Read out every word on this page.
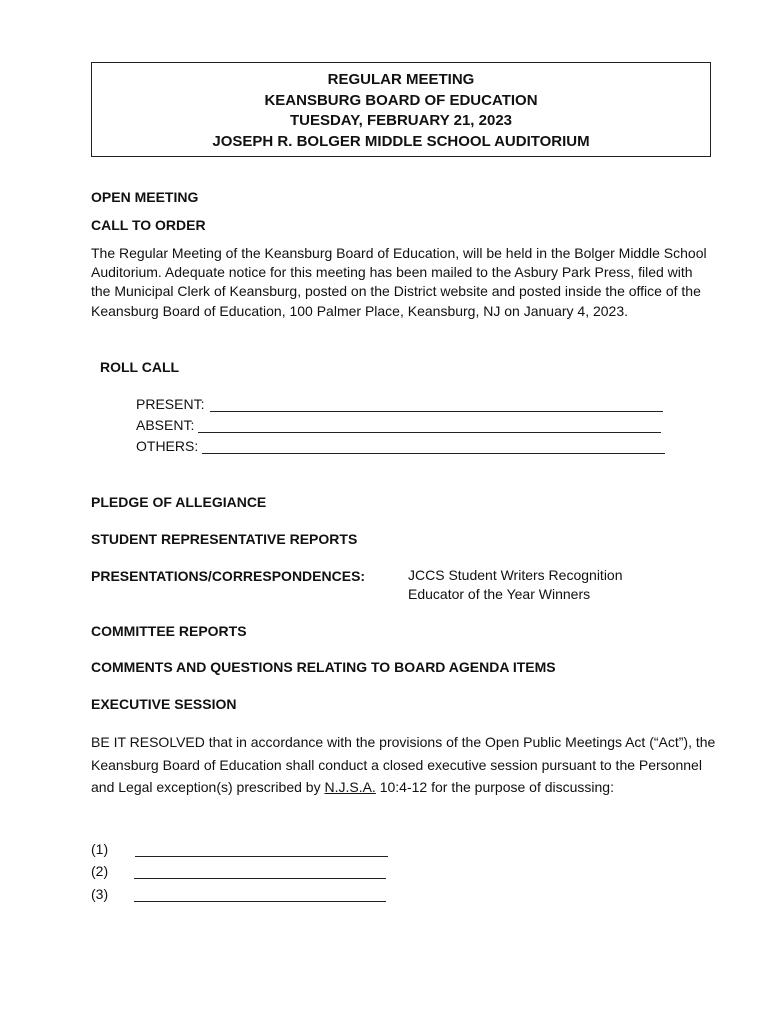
REGULAR MEETING
KEANSBURG BOARD OF EDUCATION
TUESDAY, FEBRUARY 21, 2023
JOSEPH R. BOLGER MIDDLE SCHOOL AUDITORIUM
OPEN MEETING
CALL TO ORDER
The Regular Meeting of the Keansburg Board of Education, will be held in the Bolger Middle School Auditorium. Adequate notice for this meeting has been mailed to the Asbury Park Press, filed with the Municipal Clerk of Keansburg, posted on the District website and posted inside the office of the Keansburg Board of Education, 100 Palmer Place, Keansburg, NJ on January 4, 2023.
ROLL CALL
PRESENT:
ABSENT:
OTHERS:
PLEDGE OF ALLEGIANCE
STUDENT REPRESENTATIVE REPORTS
PRESENTATIONS/CORRESPONDENCES:	JCCS Student Writers Recognition
Educator of the Year Winners
COMMITTEE REPORTS
COMMENTS AND QUESTIONS RELATING TO BOARD AGENDA ITEMS
EXECUTIVE SESSION
BE IT RESOLVED that in accordance with the provisions of the Open Public Meetings Act (“Act”), the Keansburg Board of Education shall conduct a closed executive session pursuant to the Personnel and Legal exception(s) prescribed by N.J.S.A. 10:4-12 for the purpose of discussing:
(1)
(2)
(3)
